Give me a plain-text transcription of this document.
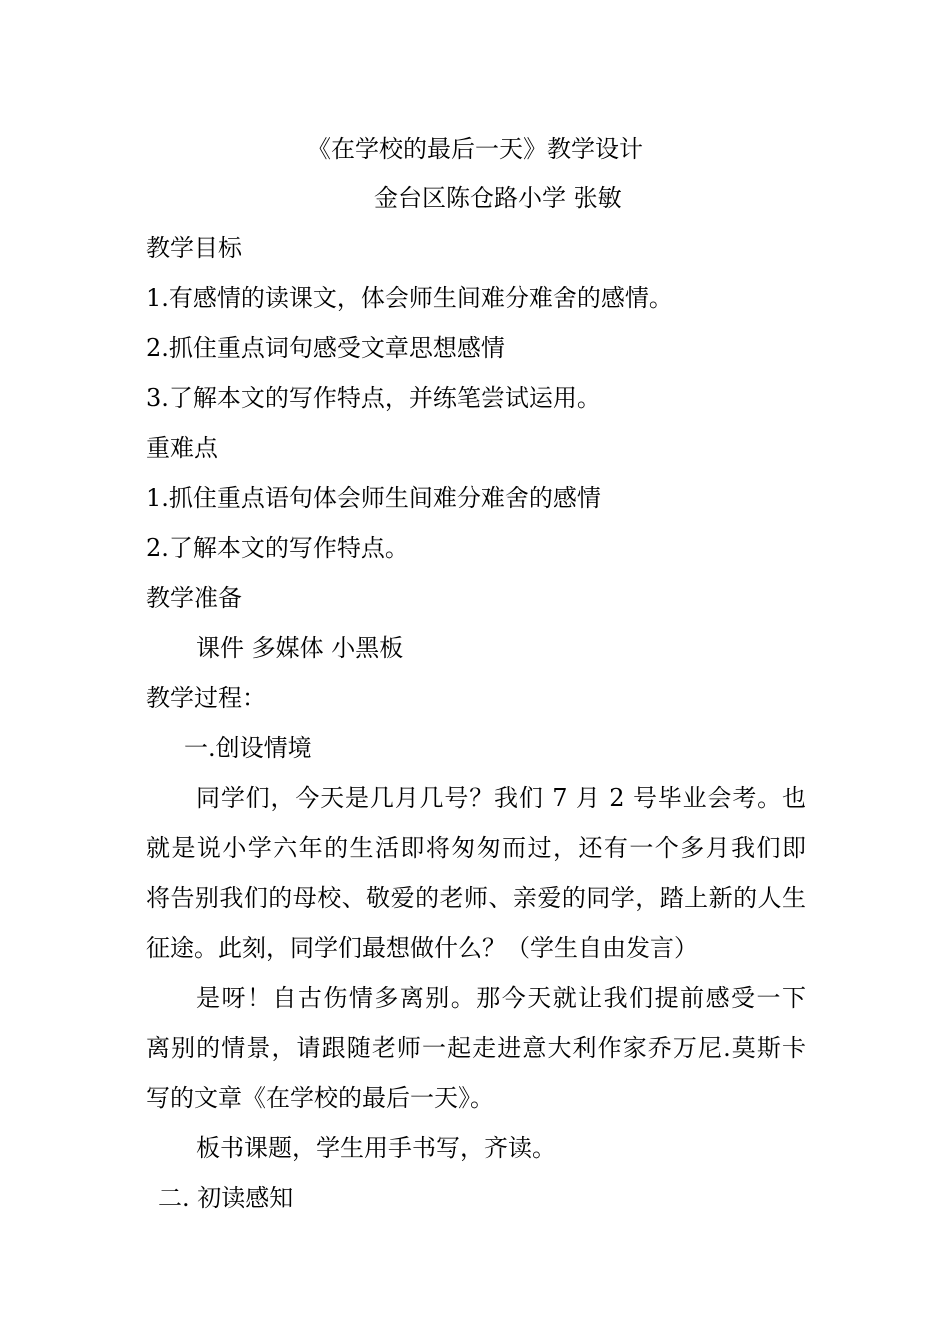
《在学校的最后一天》教学设计
金台区陈仓路小学 张敏
教学目标
1.有感情的读课文，体会师生间难分难舍的感情。
2.抓住重点词句感受文章思想感情
3.了解本文的写作特点，并练笔尝试运用。
重难点
1.抓住重点语句体会师生间难分难舍的感情
2.了解本文的写作特点。
教学准备
课件 多媒体 小黑板
教学过程：
一.创设情境
同学们，今天是几月几号？我们 7 月 2 号毕业会考。也
就是说小学六年的生活即将匆匆而过，还有一个多月我们即
将告别我们的母校、敬爱的老师、亲爱的同学，踏上新的人生
征途。此刻，同学们最想做什么？（学生自由发言）
是呀！自古伤情多离别。那今天就让我们提前感受一下
离别的情景，请跟随老师一起走进意大利作家乔万尼.莫斯卡
写的文章《在学校的最后一天》。
板书课题，学生用手书写，齐读。
二. 初读感知
